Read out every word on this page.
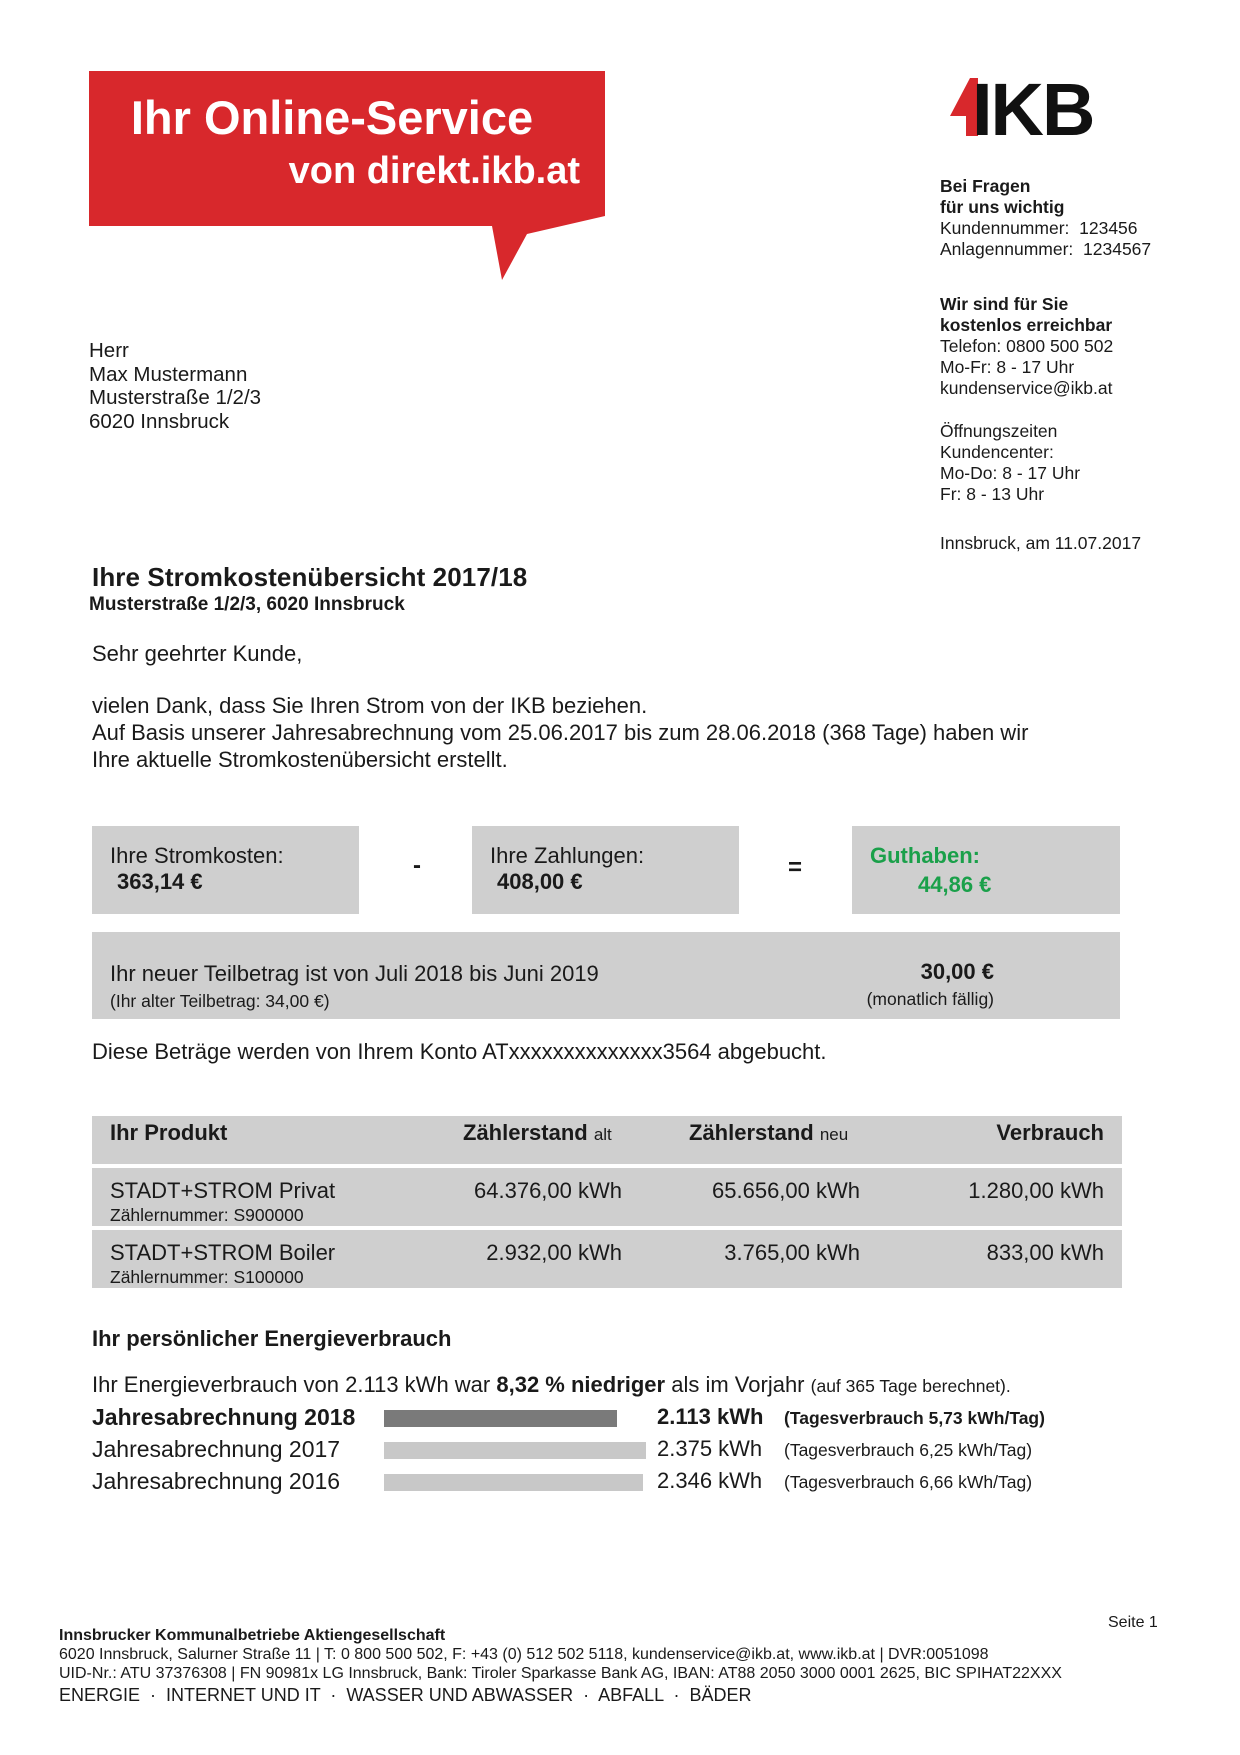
Ihr Online-Service
von direkt.ikb.at
IKB
Bei Fragen
für uns wichtig
Kundennummer: 123456
Anlagennummer: 1234567
Wir sind für Sie
kostenlos erreichbar
Telefon: 0800 500 502
Mo-Fr: 8 - 17 Uhr
kundenservice@ikb.at
Öffnungszeiten
Kundencenter:
Mo-Do: 8 - 17 Uhr
Fr: 8 - 13 Uhr
Innsbruck, am 11.07.2017
Herr
Max Mustermann
Musterstraße 1/2/3
6020 Innsbruck
Ihre Stromkostenübersicht 2017/18
Musterstraße 1/2/3, 6020 Innsbruck
Sehr geehrter Kunde,
vielen Dank, dass Sie Ihren Strom von der IKB beziehen.
Auf Basis unserer Jahresabrechnung vom 25.06.2017 bis zum 28.06.2018 (368 Tage) haben wir
Ihre aktuelle Stromkostenübersicht erstellt.
Ihre Stromkosten:
363,14 €
-	Ihre Zahlungen:
408,00 €
=	Guthaben:
44,86 €
Ihr neuer Teilbetrag ist von Juli 2018 bis Juni 2019
(Ihr alter Teilbetrag: 34,00 €)
30,00 €
(monatlich fällig)
Diese Beträge werden von Ihrem Konto ATxxxxxxxxxxxxxx3564 abgebucht.
Ihr Produkt	Zählerstand alt	Zählerstand neu	Verbrauch
STADT+STROM Privat
Zählernummer: S900000
64.376,00 kWh	65.656,00 kWh	1.280,00 kWh
STADT+STROM Boiler
Zählernummer: S100000
2.932,00 kWh	3.765,00 kWh	833,00 kWh
Ihr persönlicher Energieverbrauch
Ihr Energieverbrauch von 2.113 kWh war 8,32 % niedriger als im Vorjahr (auf 365 Tage berechnet).
Jahresabrechnung 2018	2.113 kWh (Tagesverbrauch 5,73 kWh/Tag)
Jahresabrechnung 2017	2.375 kWh (Tagesverbrauch 6,25 kWh/Tag)
Jahresabrechnung 2016	2.346 kWh (Tagesverbrauch 6,66 kWh/Tag)
Seite 1
Innsbrucker Kommunalbetriebe Aktiengesellschaft
6020 Innsbruck, Salurner Straße 11 | T: 0 800 500 502, F: +43 (0) 512 502 5118, kundenservice@ikb.at, www.ikb.at | DVR:0051098
UID-Nr.: ATU 37376308 | FN 90981x LG Innsbruck, Bank: Tiroler Sparkasse Bank AG, IBAN: AT88 2050 3000 0001 2625, BIC SPIHAT22XXX
ENERGIE  ·  INTERNET UND IT  ·  WASSER UND ABWASSER  ·  ABFALL  ·  BÄDER
